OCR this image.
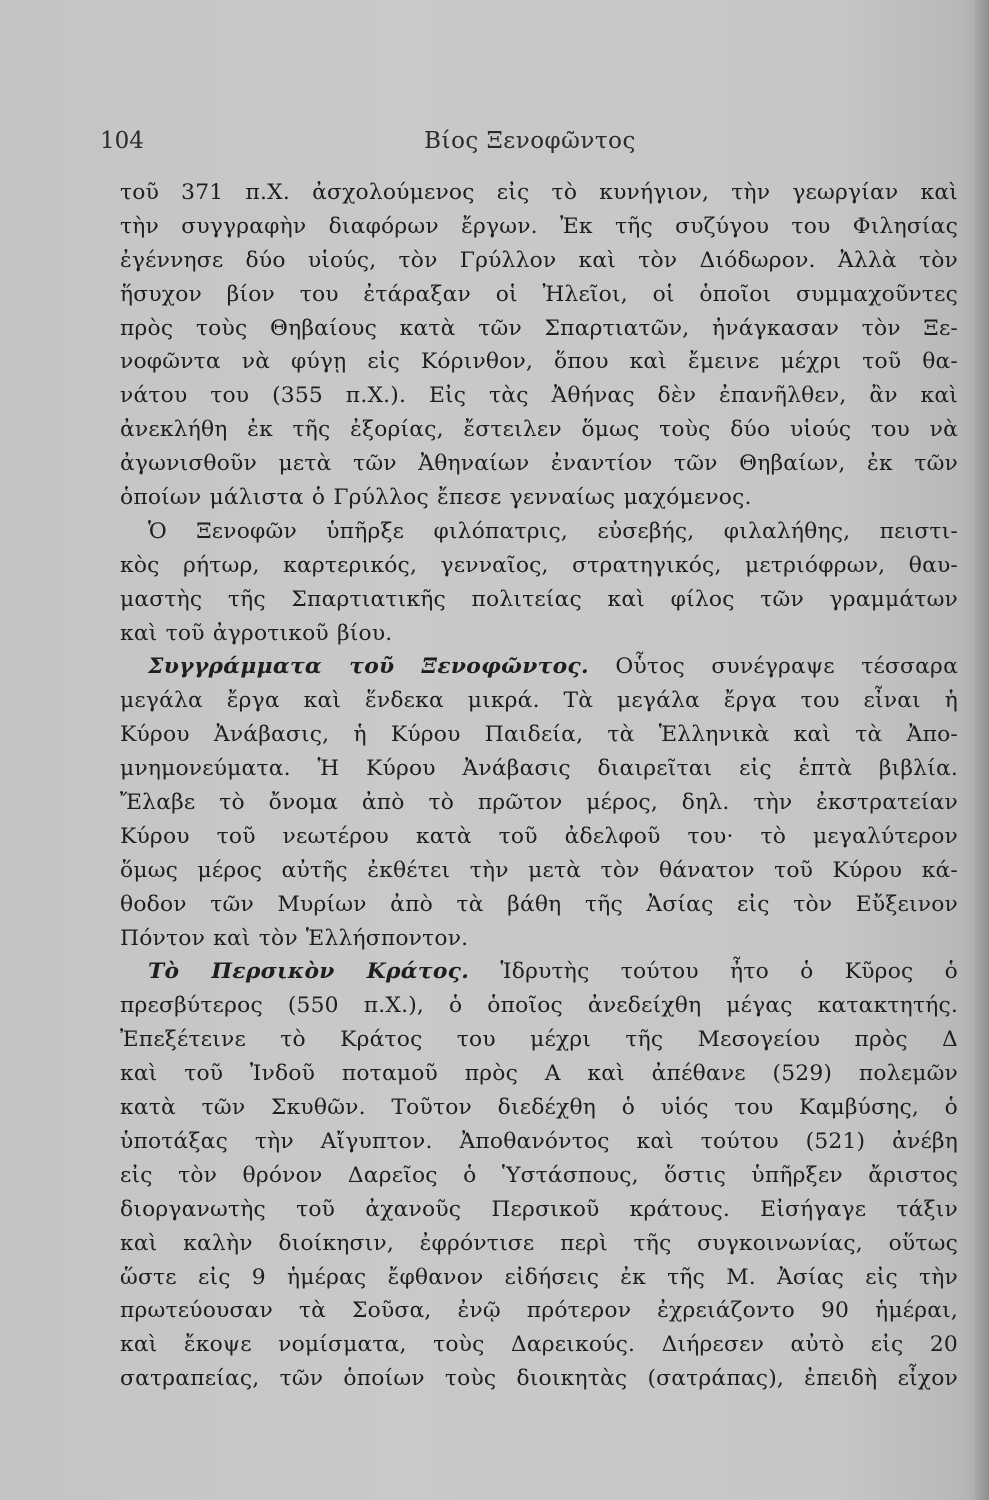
Βίος Ξενοφῶντος
104
τοῦ 371 π.Χ. ἀσχολούμενος εἰς τὸ κυνήγιον, τὴν γεωργίαν καὶ
τὴν συγγραφὴν διαφόρων ἔργων. Ἐκ τῆς συζύγου του Φιλησίας
ἐγέννησε δύο υἱούς, τὸν Γρύλλον καὶ τὸν Διόδωρον. Ἀλλὰ τὸν
ἥσυχον βίον του ἐτάραξαν οἱ Ἠλεῖοι, οἱ ὁποῖοι συμμαχοῦντες
πρὸς τοὺς Θηβαίους κατὰ τῶν Σπαρτιατῶν, ἠνάγκασαν τὸν Ξε-
νοφῶντα νὰ φύγῃ εἰς Κόρινθον, ὅπου καὶ ἔμεινε μέχρι τοῦ θα-
νάτου του (355 π.Χ.). Εἰς τὰς Ἀθήνας δὲν ἐπανῆλθεν, ἂν καὶ
ἀνεκλήθη ἐκ τῆς ἐξορίας, ἔστειλεν ὅμως τοὺς δύο υἱούς του νὰ
ἀγωνισθοῦν μετὰ τῶν Ἀθηναίων ἐναντίον τῶν Θηβαίων, ἐκ τῶν
ὁποίων μάλιστα ὁ Γρύλλος ἔπεσε γενναίως μαχόμενος.
Ὁ Ξενοφῶν ὑπῆρξε φιλόπατρις, εὐσεβής, φιλαλήθης, πειστι-
κὸς ρήτωρ, καρτερικός, γενναῖος, στρατηγικός, μετριόφρων, θαυ-
μαστὴς τῆς Σπαρτιατικῆς πολιτείας καὶ φίλος τῶν γραμμάτων
καὶ τοῦ ἀγροτικοῦ βίου.
Συγγράμματα τοῦ Ξενοφῶντος. Οὗτος συνέγραψε τέσσαρα
μεγάλα ἔργα καὶ ἕνδεκα μικρά. Τὰ μεγάλα ἔργα του εἶναι ἡ
Κύρου Ἀνάβασις, ἡ Κύρου Παιδεία, τὰ Ἑλληνικὰ καὶ τὰ Ἀπο-
μνημονεύματα. Ἡ Κύρου Ἀνάβασις διαιρεῖται εἰς ἑπτὰ βιβλία.
Ἔλαβε τὸ ὄνομα ἀπὸ τὸ πρῶτον μέρος, δηλ. τὴν ἐκστρατείαν
Κύρου τοῦ νεωτέρου κατὰ τοῦ ἀδελφοῦ του· τὸ μεγαλύτερον
ὅμως μέρος αὐτῆς ἐκθέτει τὴν μετὰ τὸν θάνατον τοῦ Κύρου κά-
θοδον τῶν Μυρίων ἀπὸ τὰ βάθη τῆς Ἀσίας εἰς τὸν Εὔξεινον
Πόντον καὶ τὸν Ἑλλήσποντον.
Τὸ Περσικὸν Κράτος. Ἱδρυτὴς τούτου ἦτο ὁ Κῦρος ὁ
πρεσβύτερος (550 π.Χ.), ὁ ὁποῖος ἀνεδείχθη μέγας κατακτητής.
Ἐπεξέτεινε τὸ Κράτος του μέχρι τῆς Μεσογείου πρὸς Δ
καὶ τοῦ Ἰνδοῦ ποταμοῦ πρὸς Α καὶ ἀπέθανε (529) πολεμῶν
κατὰ τῶν Σκυθῶν. Τοῦτον διεδέχθη ὁ υἱός του Καμβύσης, ὁ
ὑποτάξας τὴν Αἴγυπτον. Ἀποθανόντος καὶ τούτου (521) ἀνέβη
εἰς τὸν θρόνον Δαρεῖος ὁ Ὑστάσπους, ὅστις ὑπῆρξεν ἄριστος
διοργανωτὴς τοῦ ἀχανοῦς Περσικοῦ κράτους. Εἰσήγαγε τάξιν
καὶ καλὴν διοίκησιν, ἐφρόντισε περὶ τῆς συγκοινωνίας, οὕτως
ὥστε εἰς 9 ἡμέρας ἔφθανον εἰδήσεις ἐκ τῆς Μ. Ἀσίας εἰς τὴν
πρωτεύουσαν τὰ Σοῦσα, ἐνῷ πρότερον ἐχρειάζοντο 90 ἡμέραι,
καὶ ἔκοψε νομίσματα, τοὺς Δαρεικούς. Διήρεσεν αὐτὸ εἰς 20
σατραπείας, τῶν ὁποίων τοὺς διοικητὰς (σατράπας), ἐπειδὴ εἶχον
